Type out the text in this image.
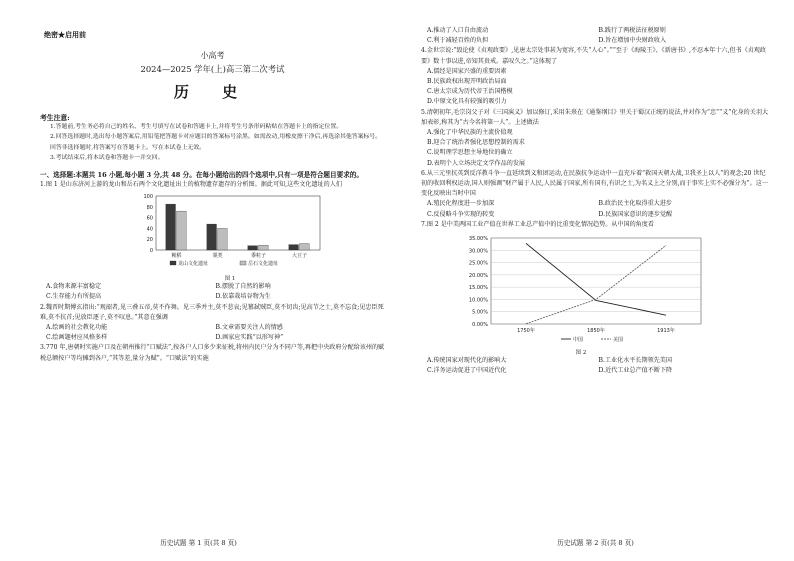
绝密★启用前
小高考
2024—2025 学年(上)高三第二次考试
历 史
考生注意:
1.答题前,考生务必将自己的姓名、考生号填写在试卷和答题卡上,并将考生号条形码粘贴在答题卡上的指定位置。
2.回答选择题时,选出每小题答案后,用铅笔把答题卡对应题目的答案标号涂黑。如需改动,用橡皮擦干净后,再选涂其他答案标号。回答非选择题时,将答案写在答题卡上。写在本试卷上无效。
3.考试结束后,将本试卷和答题卡一并交回。
一、选择题:本题共 16 小题,每小题 3 分,共 48 分。在每小题给出的四个选项中,只有一项是符合题目要求的。
1.图 1 是山东济河上游的龙山和岳石两个文化遗址出土的植物遗存遗存的分析图。据此可知,这些文化遗址的人们
0
20
40
60
80
100
粳稻	粟类	黍粒子	大豆子
龙山文化遗址	岳石文化遗址
图 1
A.食物来源丰富稳定	B.摆脱了自然的影响
C.生存能力有所提高	D.依靠栽培谷物为生
2.魏晋时期傅玄指出:“观韶者,见三叠五帝,莫不作舞。见三季并主,莫不悲哀;见篡弑贼臣,莫不切齿;见高节之士,莫不忘食;见忠臣死难,莫不抗首;见放臣逐子,莫不叹息。”其意在强调
A.绘画的社会教化功能	B.文章需要关注人的情感
C.绘画题材应风格多样	D.画家应实践“以形写神”
3.770 年,唐朝时实施户口及在朝州推行“口赋法”,按各户人口多少来征税,将州内民户分为不同户等,再把中央政府分配给该州的赋税总额按户等均摊到各户,“其等差,量分为赋”。“口赋法”的实施
历史试题 第 1 页(共 8 页)
A.推动了人口自由流动	B.践行了两税法征税原则
C.利于减轻百姓的负担	D.旨在增加中央财政收入
4.金世宗说:“毁论使《贞观政要》,见唐太宗处事甚为宽容,不失“人心”。”“至于《海陵王》、《新唐书》,不忍本年十六,但书《贞观政要》数十事以进,帝知其贵戒。嘉叹久之。”这体现了
A.儒经是国家兴盛的重要因素
B.民族政权出现开明政治局面
C.唐太宗成为历代帝王治国楷模
D.中原文化具有较强的吸引力
5.清朝初年,毛宗岗父子对《三国演义》加以修订,采用朱熹在《通鉴纲目》里关于蜀汉正统的说法,并对作为“忠”“义”化身的关羽大加表彰,称其为“古今名将第一人”。上述做法
A.强化了中华民族的主流价值观
B.迎合了统治者强化思想控制的需求
C.说明理学思想主导地位的确立
D.表明个人立场决定文学作品的发展
6.从三元里抗英到反洋教斗争一直延续到义和团运动,在民族抗争运动中一直充斥着“救国天朝大战,卫我圣上以人”的观念;20 世纪初的收回利权运动,国人则强调“财产属于人民,人民属于国家,所有国有,有识之士,为名义上之分别,而于事实上实不必强分为”。这一变化反映出当时中国
A.殖民化程度进一步加深	B.政治民主化取得重大进步
C.反侵略斗争实现的转变	D.民族国家意识的逐步觉醒
7.图 2 是中美两国工业产值在世界工业总产值中的比重变化情况趋势。从中国的角度看
0.00%
5.00%
10.00%
15.00%
20.00%
25.00%
30.00%
35.00%
1750年	1850年	1913年
中国	美国
图 2
A.传统国家对现代化的影响大	B.工业化水平长期领先美国
C.洋务运动促进了中国近代化	D.近代工业总产值不断下降
历史试题 第 2 页(共 8 页)
